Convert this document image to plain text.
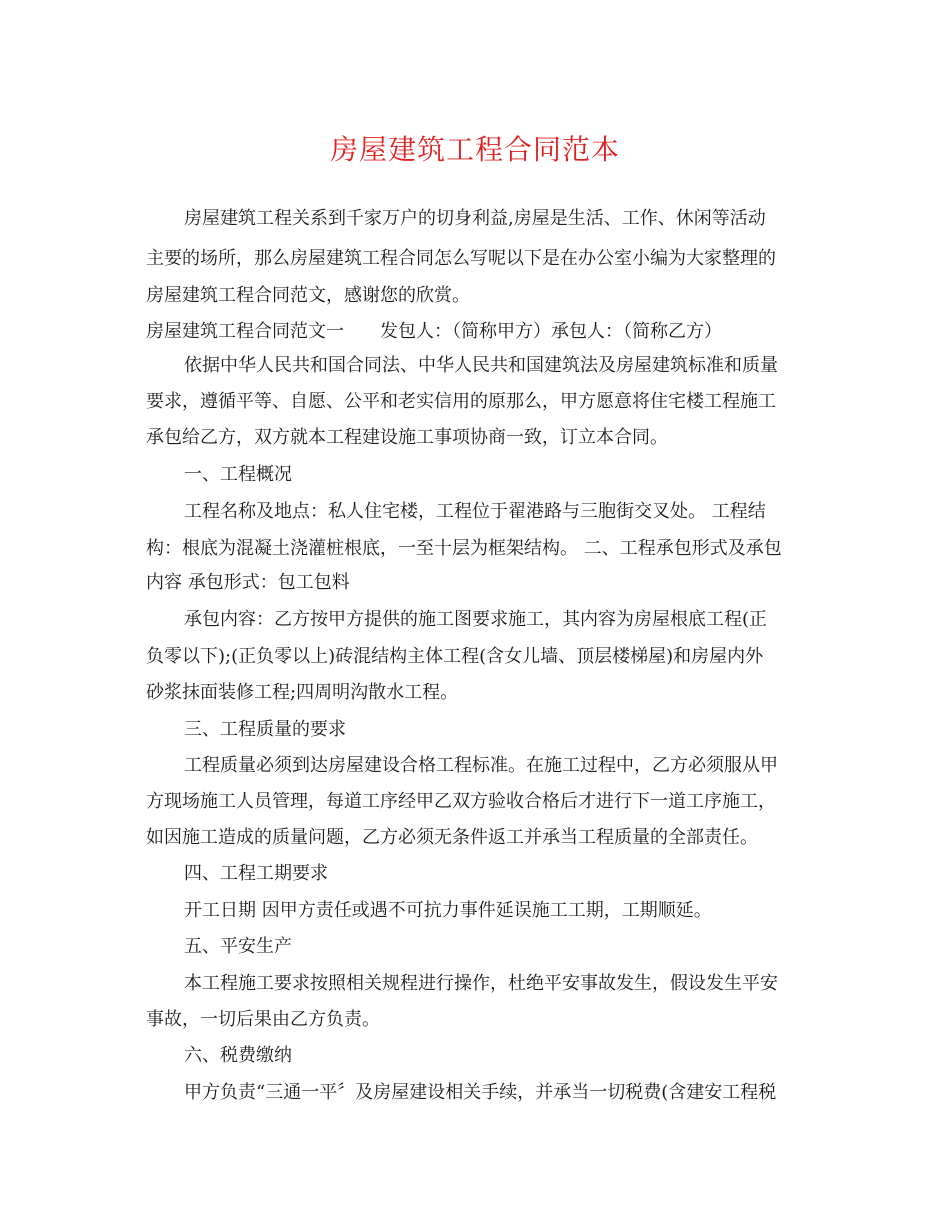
房屋建筑工程合同范本
房屋建筑工程关系到千家万户的切身利益,房屋是生活、工作、休闲等活动
主要的场所，那么房屋建筑工程合同怎么写呢以下是在办公室小编为大家整理的
房屋建筑工程合同范文，感谢您的欣赏。
房屋建筑工程合同范文一　　发包人：（简称甲方）承包人：（简称乙方）
依据中华人民共和国合同法、中华人民共和国建筑法及房屋建筑标准和质量
要求，遵循平等、自愿、公平和老实信用的原那么，甲方愿意将住宅楼工程施工
承包给乙方，双方就本工程建设施工事项协商一致，订立本合同。
一、工程概况
工程名称及地点：私人住宅楼，工程位于翟港路与三胞街交叉处。 工程结
构：根底为混凝土浇灌桩根底，一至十层为框架结构。 二、工程承包形式及承包
内容 承包形式：包工包料
承包内容：乙方按甲方提供的施工图要求施工，其内容为房屋根底工程(正
负零以下);(正负零以上)砖混结构主体工程(含女儿墙、顶层楼梯屋)和房屋内外
砂浆抹面装修工程;四周明沟散水工程。
三、工程质量的要求
工程质量必须到达房屋建设合格工程标准。在施工过程中，乙方必须服从甲
方现场施工人员管理，每道工序经甲乙双方验收合格后才进行下一道工序施工，
如因施工造成的质量问题，乙方必须无条件返工并承当工程质量的全部责任。
四、工程工期要求
开工日期 因甲方责任或遇不可抗力事件延误施工工期，工期顺延。
五、平安生产
本工程施工要求按照相关规程进行操作，杜绝平安事故发生，假设发生平安
事故，一切后果由乙方负责。
六、税费缴纳
甲方负责“三通一平〞及房屋建设相关手续，并承当一切税费(含建安工程税
